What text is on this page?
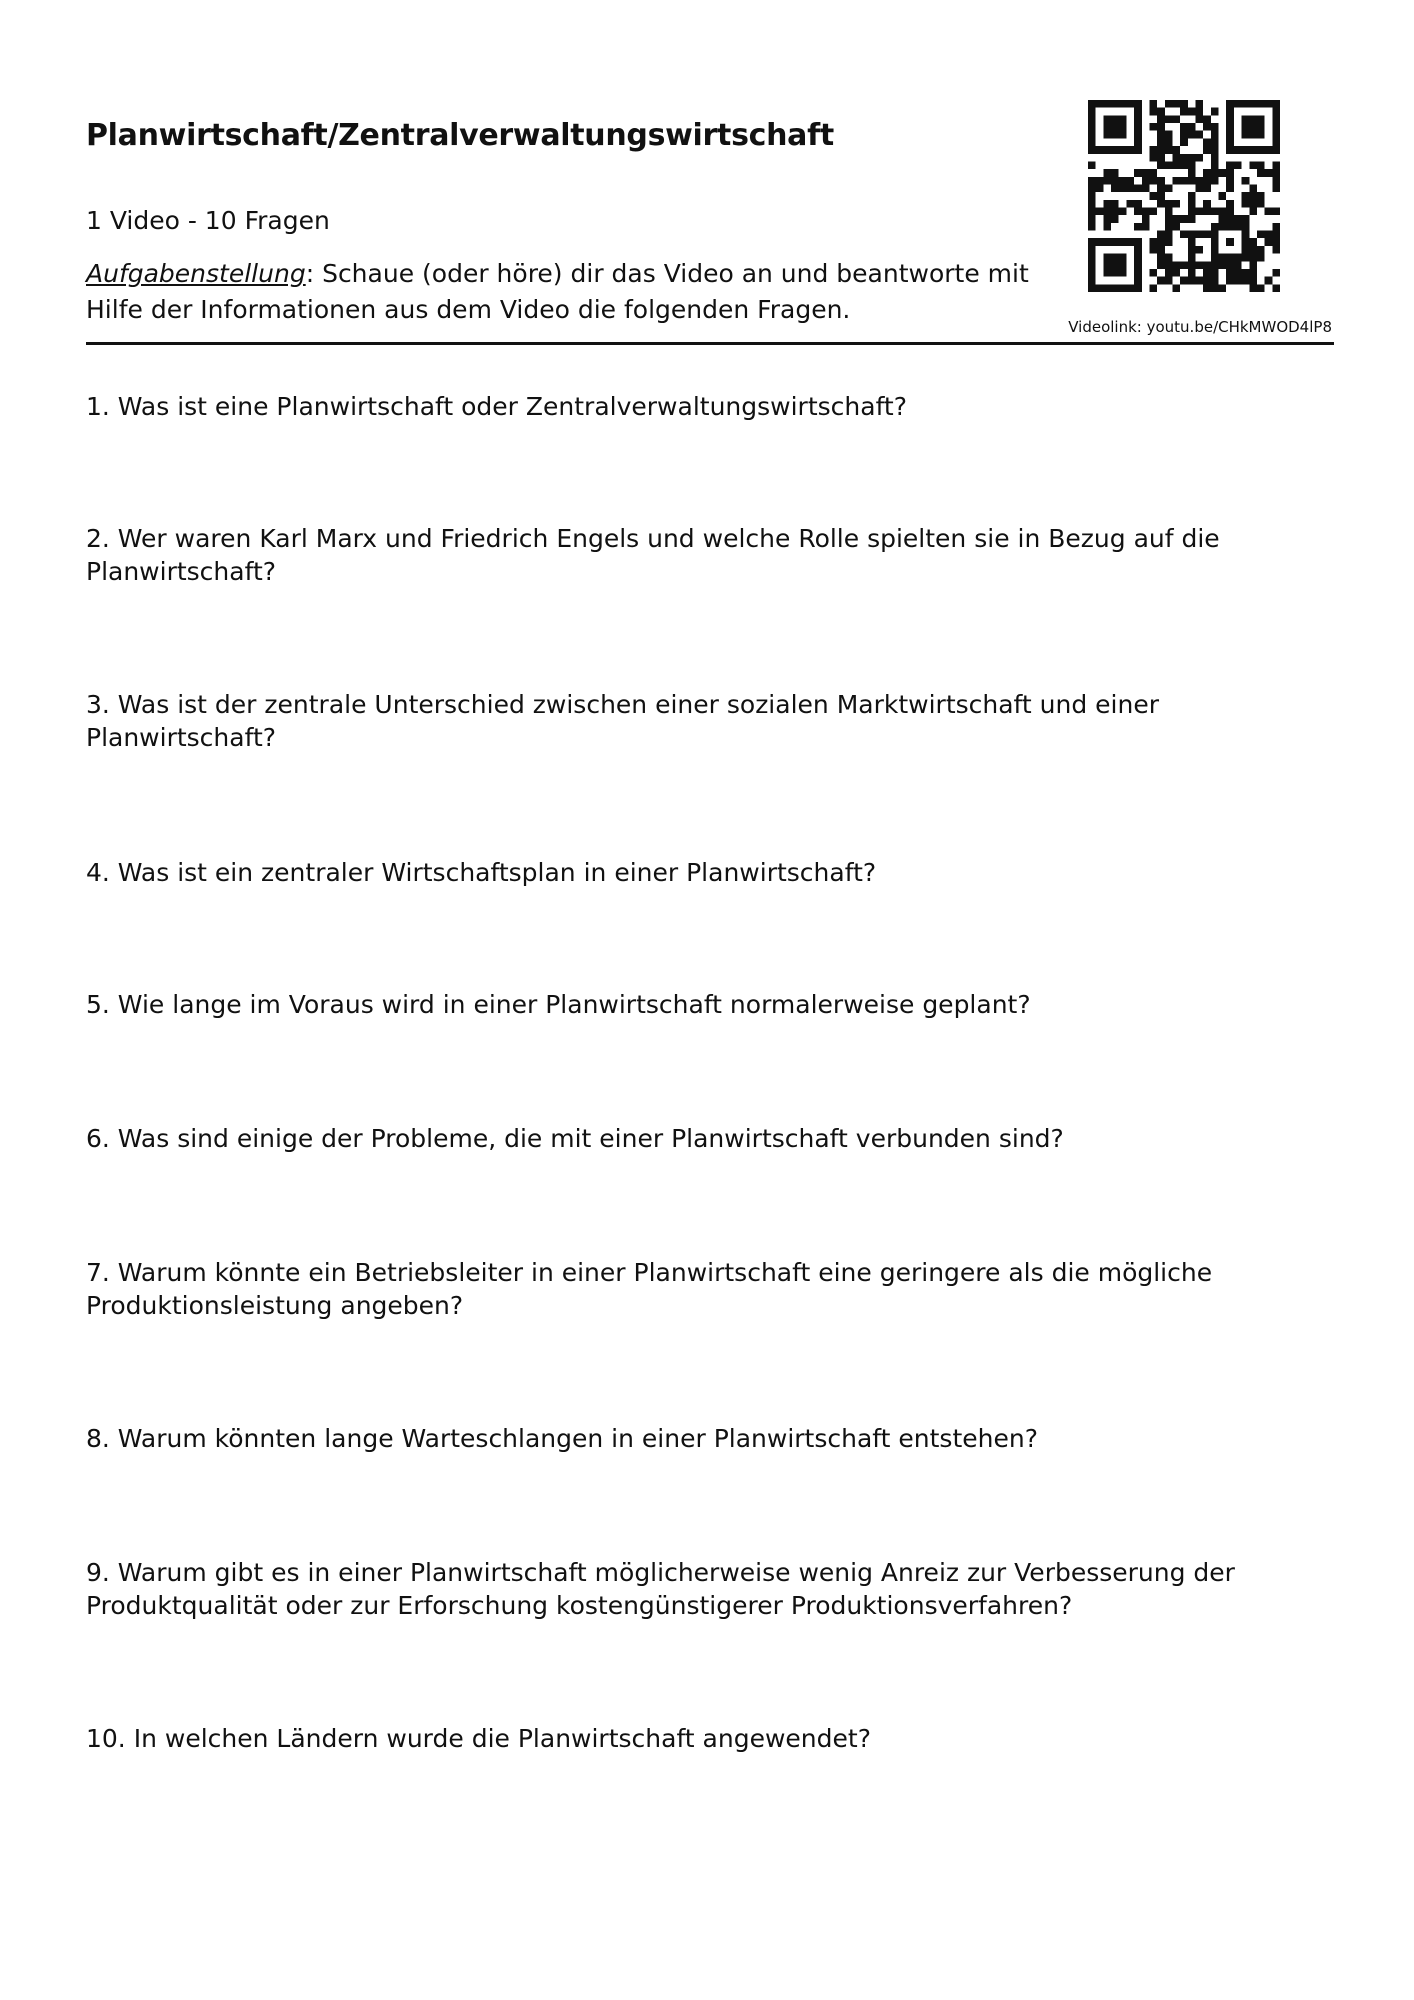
Planwirtschaft/Zentralverwaltungswirtschaft
1 Video - 10 Fragen
Aufgabenstellung: Schaue (oder höre) dir das Video an und beantworte mit Hilfe der Informationen aus dem Video die folgenden Fragen.
Videolink: youtu.be/CHkMWOD4lP8
1. Was ist eine Planwirtschaft oder Zentralverwaltungswirtschaft?
2. Wer waren Karl Marx und Friedrich Engels und welche Rolle spielten sie in Bezug auf die Planwirtschaft?
3. Was ist der zentrale Unterschied zwischen einer sozialen Marktwirtschaft und einer Planwirtschaft?
4. Was ist ein zentraler Wirtschaftsplan in einer Planwirtschaft?
5. Wie lange im Voraus wird in einer Planwirtschaft normalerweise geplant?
6. Was sind einige der Probleme, die mit einer Planwirtschaft verbunden sind?
7. Warum könnte ein Betriebsleiter in einer Planwirtschaft eine geringere als die mögliche Produktionsleistung angeben?
8. Warum könnten lange Warteschlangen in einer Planwirtschaft entstehen?
9. Warum gibt es in einer Planwirtschaft möglicherweise wenig Anreiz zur Verbesserung der Produktqualität oder zur Erforschung kostengünstigerer Produktionsverfahren?
10. In welchen Ländern wurde die Planwirtschaft angewendet?
